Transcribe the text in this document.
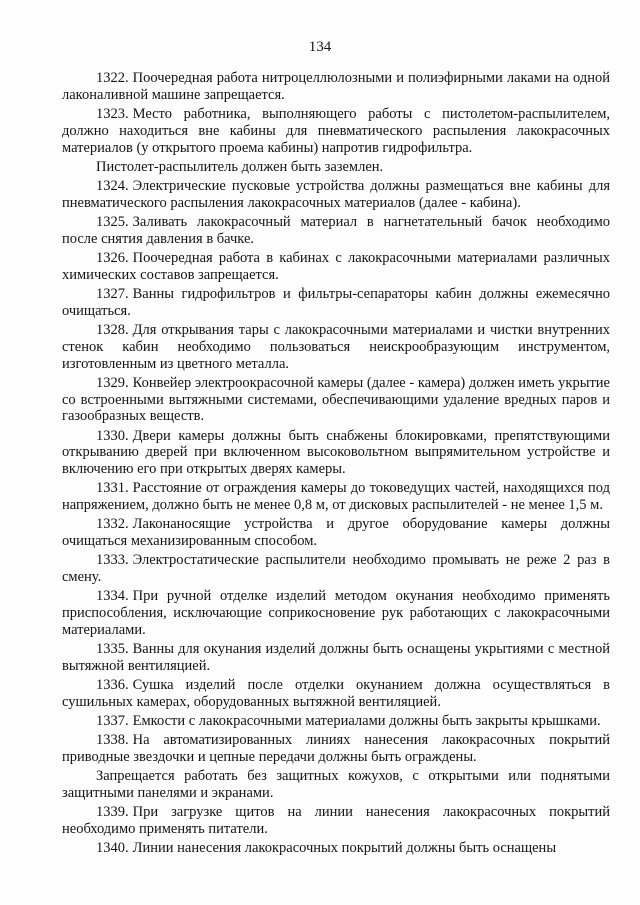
134

1322. Поочередная работа нитроцеллюлозными и полиэфирными лаками на одной лаконаливной машине запрещается.

1323. Место работника, выполняющего работы с пистолетом-распылителем, должно находиться вне кабины для пневматического распыления лакокрасочных материалов (у открытого проема кабины) напротив гидрофильтра.

Пистолет-распылитель должен быть заземлен.

1324. Электрические пусковые устройства должны размещаться вне кабины для пневматического распыления лакокрасочных материалов (далее - кабина).

1325. Заливать лакокрасочный материал в нагнетательный бачок необходимо после снятия давления в бачке.

1326. Поочередная работа в кабинах с лакокрасочными материалами различных химических составов запрещается.

1327. Ванны гидрофильтров и фильтры-сепараторы кабин должны ежемесячно очищаться.

1328. Для открывания тары с лакокрасочными материалами и чистки внутренних стенок кабин необходимо пользоваться неискрообразующим инструментом, изготовленным из цветного металла.

1329. Конвейер электроокрасочной камеры (далее - камера) должен иметь укрытие со встроенными вытяжными системами, обеспечивающими удаление вредных паров и газообразных веществ.

1330. Двери камеры должны быть снабжены блокировками, препятствующими открыванию дверей при включенном высоковольтном выпрямительном устройстве и включению его при открытых дверях камеры.

1331. Расстояние от ограждения камеры до токоведущих частей, находящихся под напряжением, должно быть не менее 0,8 м, от дисковых распылителей - не менее 1,5 м.

1332. Лаконаносящие устройства и другое оборудование камеры должны очищаться механизированным способом.

1333. Электростатические распылители необходимо промывать не реже 2 раз в смену.

1334. При ручной отделке изделий методом окунания необходимо применять приспособления, исключающие соприкосновение рук работающих с лакокрасочными материалами.

1335. Ванны для окунания изделий должны быть оснащены укрытиями с местной вытяжной вентиляцией.

1336. Сушка изделий после отделки окунанием должна осуществляться в сушильных камерах, оборудованных вытяжной вентиляцией.

1337. Емкости с лакокрасочными материалами должны быть закрыты крышками.

1338. На автоматизированных линиях нанесения лакокрасочных покрытий приводные звездочки и цепные передачи должны быть ограждены.

Запрещается работать без защитных кожухов, с открытыми или поднятыми защитными панелями и экранами.

1339. При загрузке щитов на линии нанесения лакокрасочных покрытий необходимо применять питатели.

1340. Линии нанесения лакокрасочных покрытий должны быть оснащены
